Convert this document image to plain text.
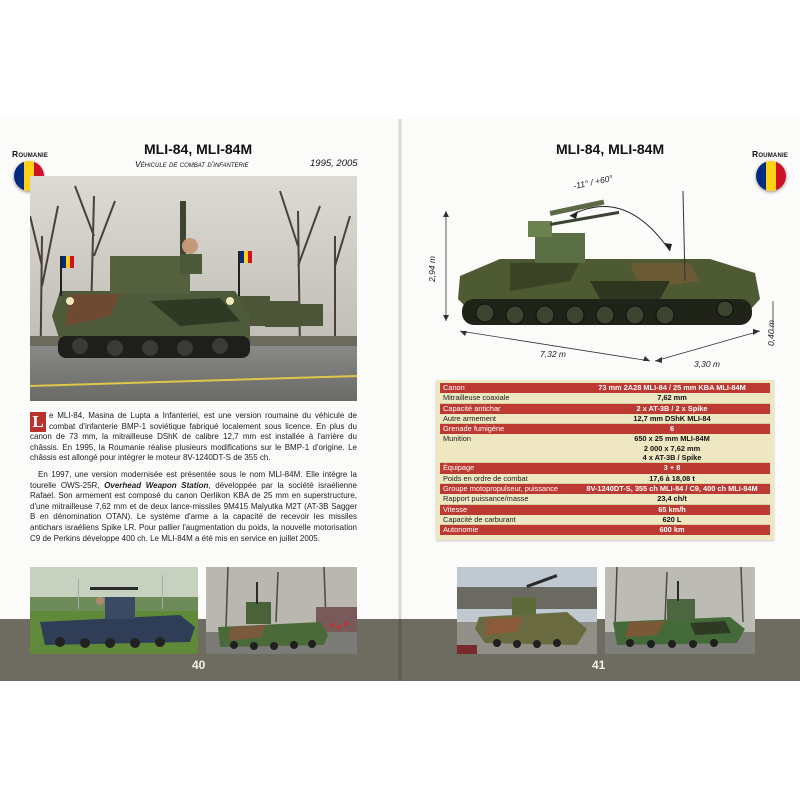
Roumanie	MLI-84, MLI-84M
Véhicule de combat d'infanterie	1995, 2005

L e MLI-84, Masina de Lupta a Infanteriei, est une version roumaine du véhicule de combat d'infanterie BMP-1 soviétique fabriqué localement sous licence. En plus du canon de 73 mm, la mitrailleuse DShK de calibre 12,7 mm est installée à l'arrière du châssis. En 1995, la Roumanie réalise plusieurs modifications sur le BMP-1 d'origine. Le châssis est allongé pour intégrer le moteur 8V-1240DT-S de 355 ch.

En 1997, une version modernisée est présentée sous le nom MLI-84M. Elle intègre la tourelle OWS-25R, Overhead Weapon Station, développée par la société israélienne Rafael. Son armement est composé du canon Oerlikon KBA de 25 mm en superstructure, d'une mitrailleuse 7,62 mm et de deux lance-missiles 9M415 Malyutka M2T (AT-3B Sagger B en dénomination OTAN). Le système d'arme a la capacité de recevoir les missiles antichars israéliens Spike LR. Pour pallier l'augmentation du poids, la nouvelle motorisation C9 de Perkins développe 400 ch. Le MLI-84M a été mis en service en juillet 2005.

40
MLI-84, MLI-84M	Roumanie
-11° / +60°
2,94 m
7,32 m
3,30 m
0,40 m
Canon	73 mm 2A28 MLI-84 / 25 mm KBA MLI-84M
Mitrailleuse coaxiale	7,62 mm
Capacité antichar	2 x AT-3B / 2 x Spike
Autre armement	12,7 mm DShK MLI-84
Grenade fumigène	6
Munition	650 x 25 mm MLI-84M
2 000 x 7,62 mm
4 x AT-3B / Spike
Équipage	3 + 8
Poids en ordre de combat	17,6 à 18,08 t
Groupe motopropulseur, puissance	8V-1240DT-S, 355 ch MLI-84 / C9, 400 ch MLI-84M
Rapport puissance/masse	23,4 ch/t
Vitesse	65 km/h
Capacité de carburant	620 L
Autonomie	600 km
41
